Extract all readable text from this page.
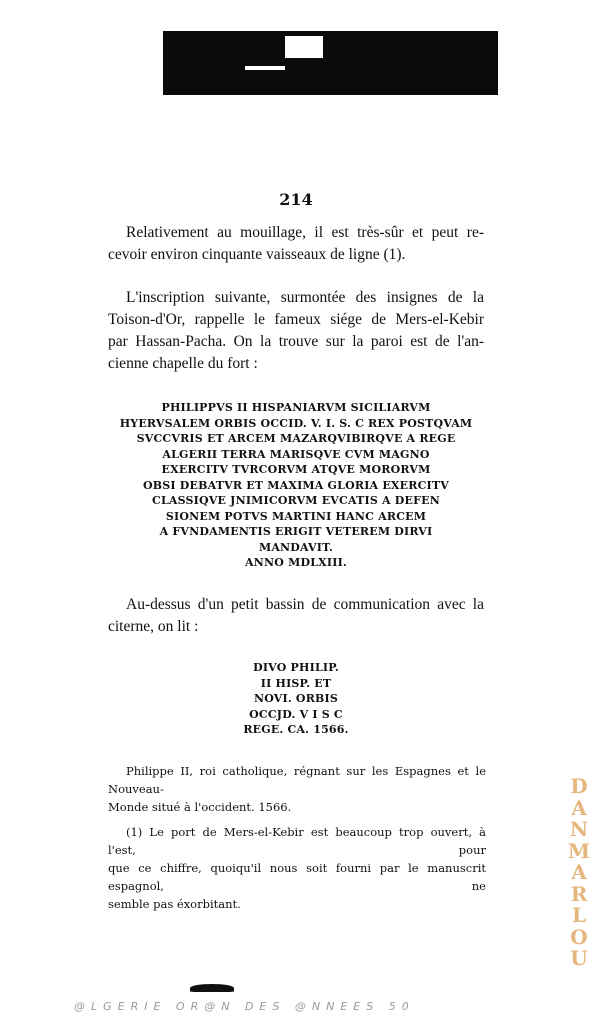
214

Relativement au mouillage, il est très-sûr et peut re-
cevoir environ cinquante vaisseaux de ligne (1).

L'inscription suivante, surmontée des insignes de la
Toison-d'Or, rappelle le fameux siége de Mers-el-Kebir
par Hassan-Pacha. On la trouve sur la paroi est de l'an-
cienne chapelle du fort :

PHILIPPVS II HISPANIARVM SICILIARVM
HYERVSALEM ORBIS OCCID. V. I. S. C REX POSTQVAM
SVCCVRIS ET ARCEM MAZARQVIBIRQVE A REGE
ALGERII TERRA MARISQVE CVM MAGNO
EXERCITV TVRCORVM ATQVE MORORVM
OBSI DEBATVR ET MAXIMA GLORIA EXERCITV
CLASSIQVE JNIMICORVM EVCATIS A DEFEN
SIONEM POTVS MARTINI HANC ARCEM
A FVNDAMENTIS ERIGIT VETEREM DIRVI
MANDAVIT.
ANNO MDLXIII.

Au-dessus d'un petit bassin de communication avec la
citerne, on lit :

DIVO PHILIP.
II HISP. ET
NOVI. ORBIS
OCCJD. V I S C
REGE. CA. 1566.
Philippe II, roi catholique, régnant sur les Espagnes et le Nouveau-
Monde situé à l'occident. 1566.
(1) Le port de Mers-el-Kebir est beaucoup trop ouvert, à l'est, pour
que ce chiffre, quoiqu'il nous soit fourni par le manuscrit espagnol, ne
semble pas éxorbitant.
D
A
N
M
A
R
L
O
U
@LGERIE OR@N DES @NNEES 50
